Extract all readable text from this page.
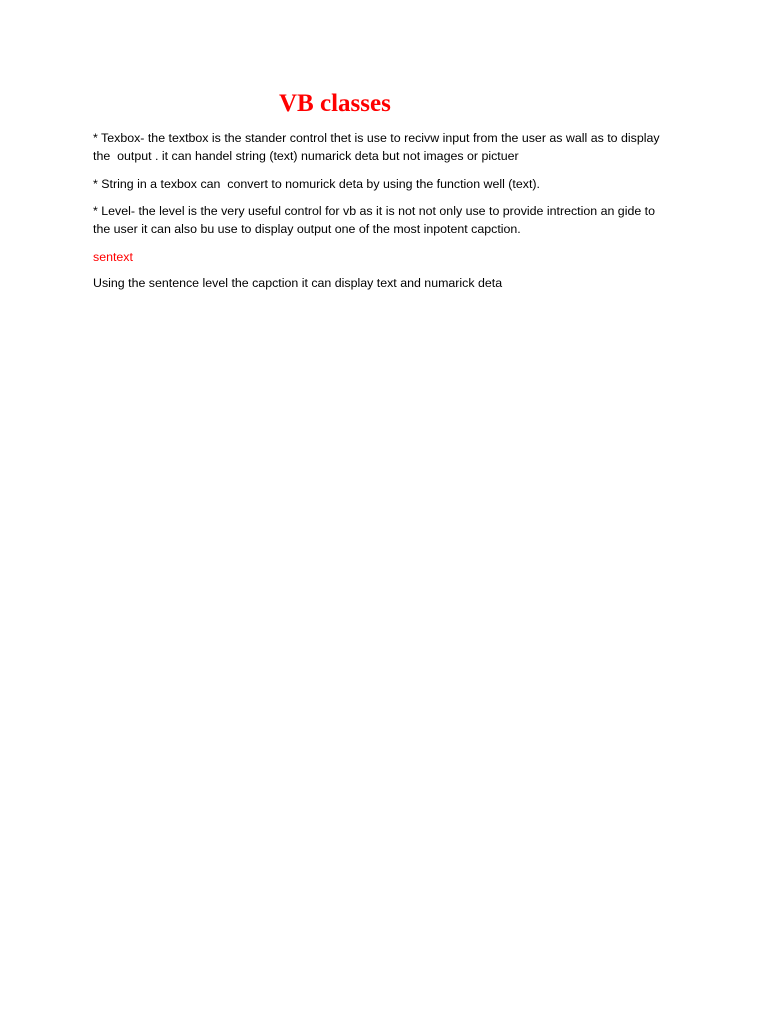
VB classes

* Texbox- the textbox is the stander control thet is use to recivw input from the user as wall as to display the  output . it can handel string (text) numarick deta but not images or pictuer

* String in a texbox can  convert to nomurick deta by using the function well (text).

* Level- the level is the very useful control for vb as it is not not only use to provide intrection an gide to the user it can also bu use to display output one of the most inpotent capction.

sentext

Using the sentence level the capction it can display text and numarick deta
